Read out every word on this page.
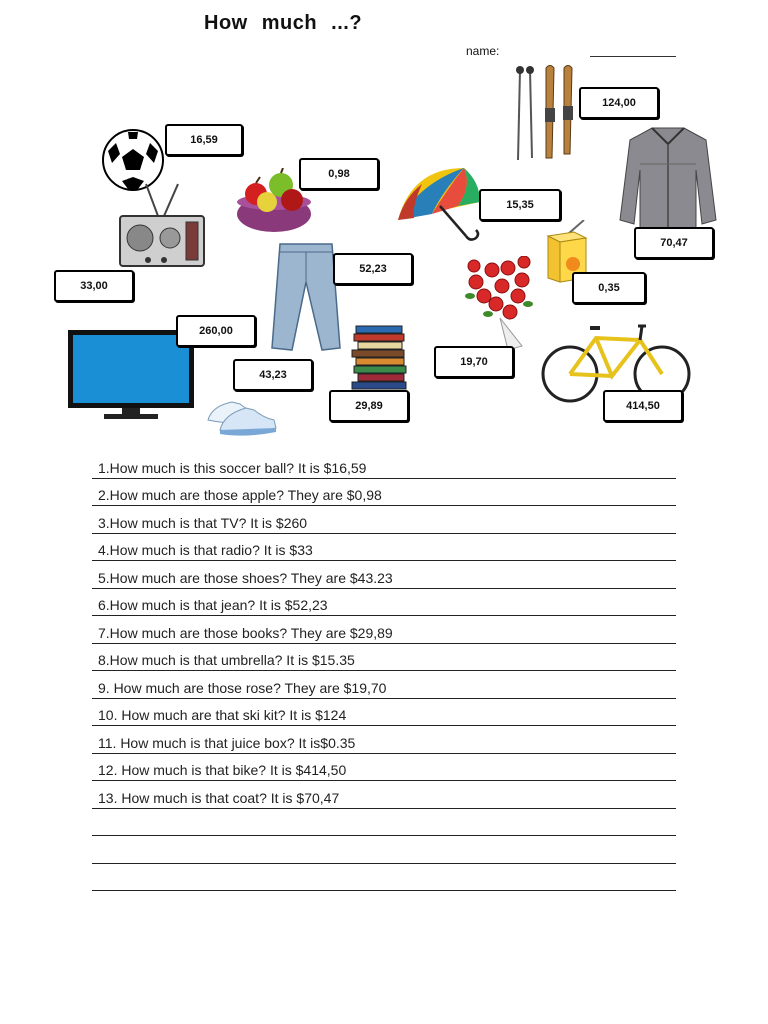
How much ...?
name:
16,59
0,98
15,35
124,00
70,47
33,00
52,23
0,35
19,70
260,00
43,23
29,89	414,50
1.How much is this soccer ball? It is $16,59
2.How much are those apple? They are $0,98
3.How much is that TV? It is $260
4.How much is that radio? It is $33
5.How much are those shoes? They are $43.23
6.How much is that jean? It is $52,23
7.How much are those books? They are $29,89
8.How much is that umbrella? It is $15.35
9. How much are those rose? They are $19,70
10. How much are that ski kit? It is $124
11. How much is that juice box? It is$0.35
12. How much is that bike? It is $414,50
13. How much is that coat? It is $70,47
